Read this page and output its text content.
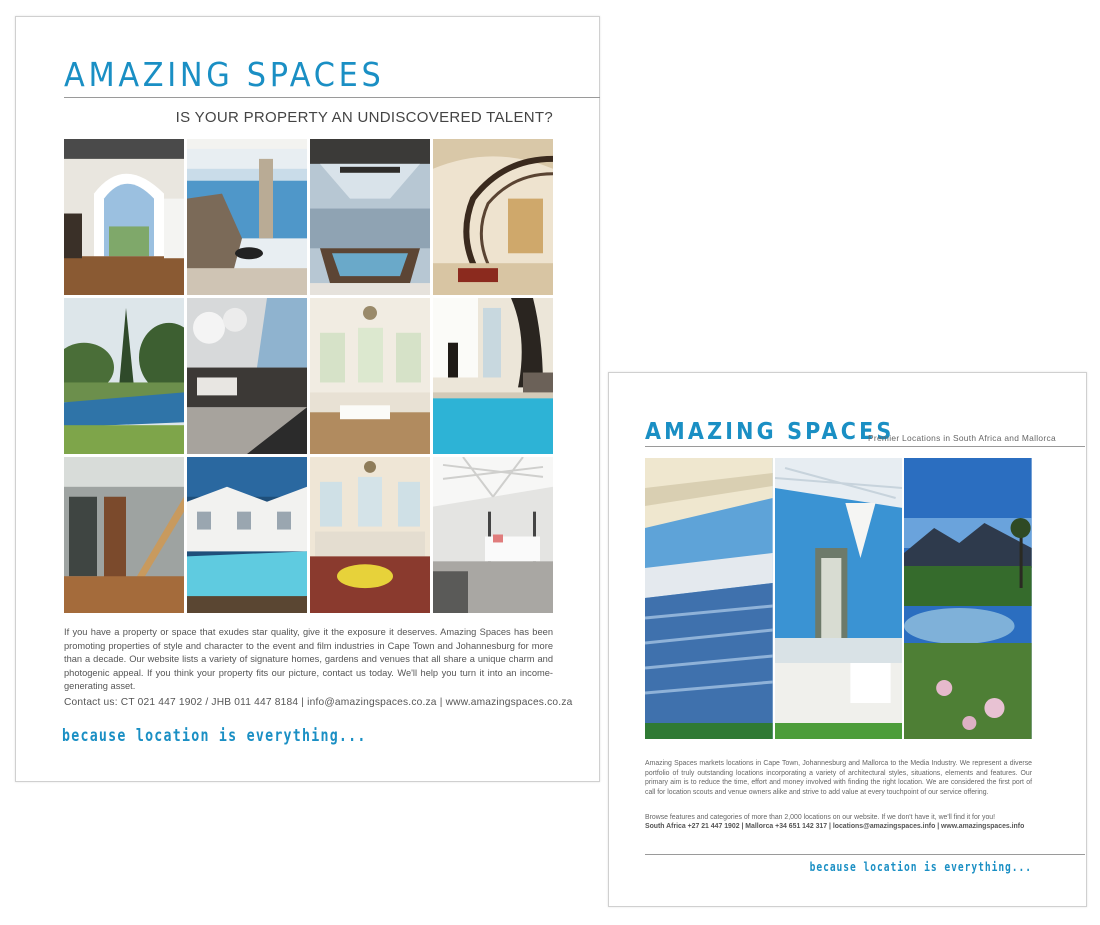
AMAZING SPACES
IS YOUR PROPERTY AN UNDISCOVERED TALENT?
If you have a property or space that exudes star quality, give it the exposure it deserves. Amazing Spaces has been promoting properties of style and character to the event and film industries in Cape Town and Johannesburg for more than a decade. Our website lists a variety of signature homes, gardens and venues that all share a unique charm and photogenic appeal. If you think your property fits our picture, contact us today. We'll help you turn it into an income-generating asset.
Contact us: CT 021 447 1902 / JHB 011 447 8184 | info@amazingspaces.co.za | www.amazingspaces.co.za
because location is everything...
AMAZING SPACES
Premier Locations in South Africa and Mallorca
Amazing Spaces markets locations in Cape Town, Johannesburg and Mallorca to the Media Industry. We represent a diverse portfolio of truly outstanding locations incorporating a variety of architectural styles, situations, elements and features. Our primary aim is to reduce the time, effort and money involved with finding the right location. We are considered the first port of call for location scouts and venue owners alike and strive to add value at every touchpoint of our service offering.
Browse features and categories of more than 2,000 locations on our website. If we don't have it, we'll find it for you!
South Africa +27 21 447 1902 | Mallorca +34 651 142 317 | locations@amazingspaces.info | www.amazingspaces.info
because location is everything...
